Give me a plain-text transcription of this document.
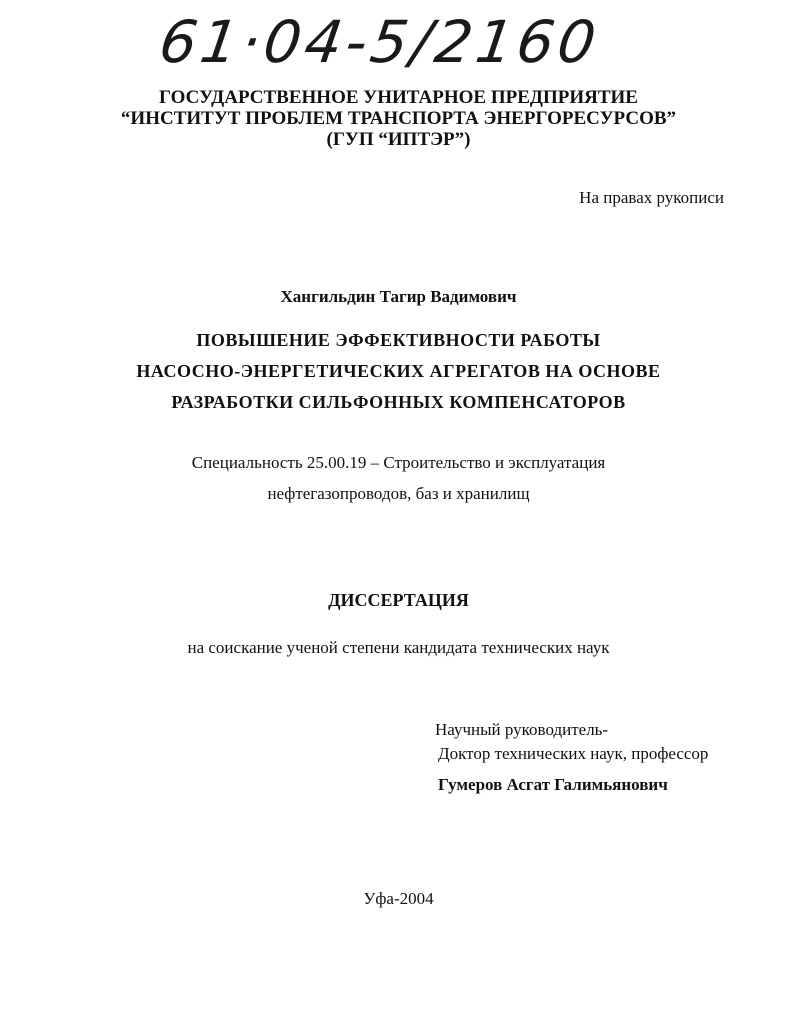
61·04-5/2160
ГОСУДАРСТВЕННОЕ УНИТАРНОЕ ПРЕДПРИЯТИЕ
“ИНСТИТУТ ПРОБЛЕМ ТРАНСПОРТА ЭНЕРГОРЕСУРСОВ”
(ГУП “ИПТЭР”)
На правах рукописи
Хангильдин Тагир Вадимович
ПОВЫШЕНИЕ ЭФФЕКТИВНОСТИ РАБОТЫ
НАСОСНО-ЭНЕРГЕТИЧЕСКИХ АГРЕГАТОВ НА ОСНОВЕ
РАЗРАБОТКИ СИЛЬФОННЫХ КОМПЕНСАТОРОВ
Специальность 25.00.19 – Строительство и эксплуатация
нефтегазопроводов, баз и хранилищ
ДИССЕРТАЦИЯ
на соискание ученой степени кандидата технических наук
Научный руководитель-
Доктор технических наук, профессор
Гумеров Асгат Галимьянович
Уфа-2004
